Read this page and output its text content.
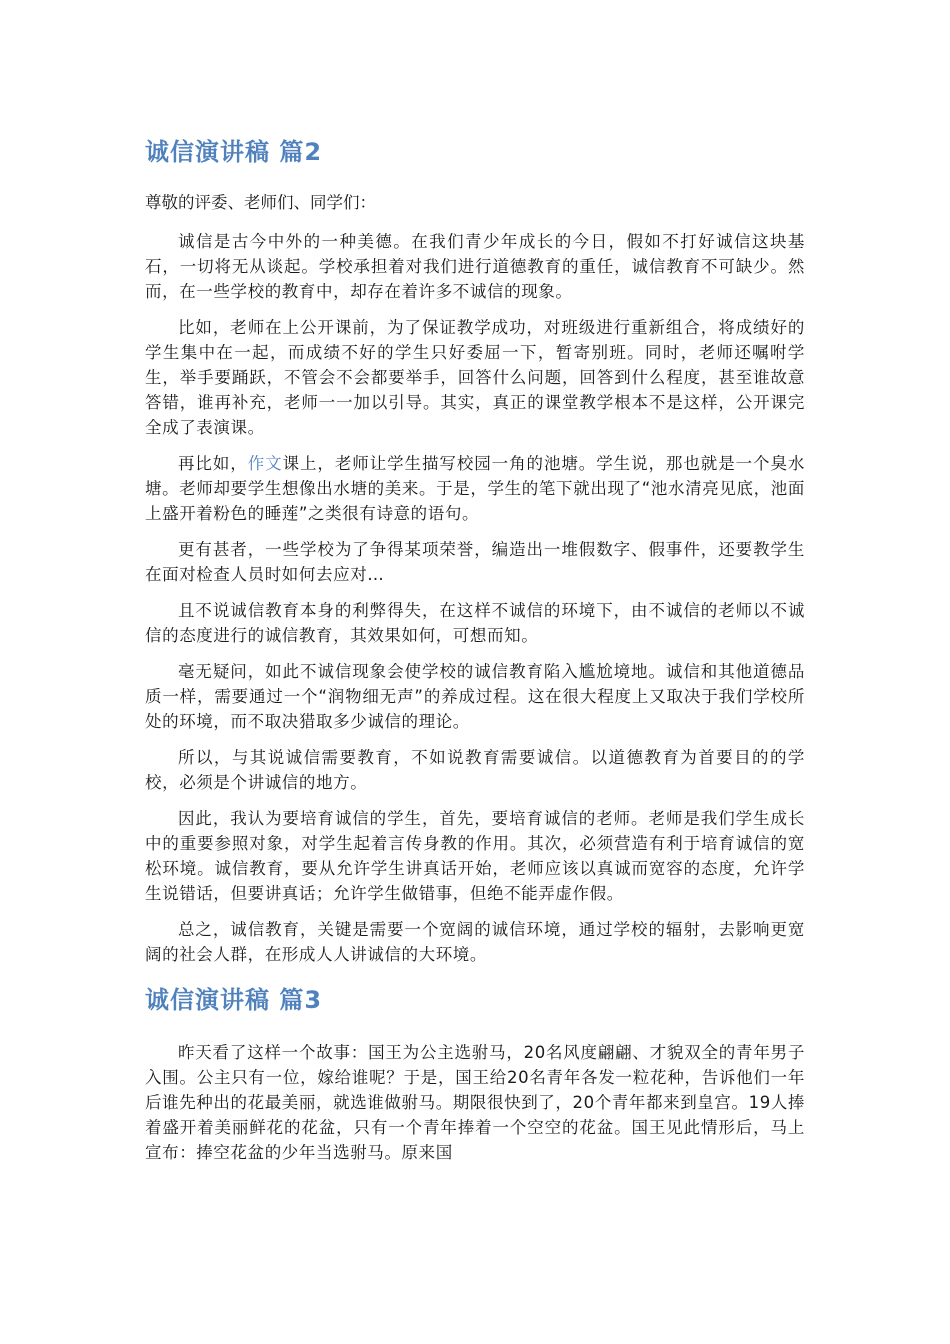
诚信演讲稿 篇2
尊敬的评委、老师们、同学们：

诚信是古今中外的一种美德。在我们青少年成长的今日，假如不打好诚信这块基石，一切将无从谈起。学校承担着对我们进行道德教育的重任，诚信教育不可缺少。然而，在一些学校的教育中，却存在着许多不诚信的现象。

比如，老师在上公开课前，为了保证教学成功，对班级进行重新组合，将成绩好的学生集中在一起，而成绩不好的学生只好委屈一下，暂寄别班。同时，老师还嘱咐学生，举手要踊跃，不管会不会都要举手，回答什么问题，回答到什么程度，甚至谁故意答错，谁再补充，老师一一加以引导。其实，真正的课堂教学根本不是这样，公开课完全成了表演课。

再比如，作文课上，老师让学生描写校园一角的池塘。学生说，那也就是一个臭水塘。老师却要学生想像出水塘的美来。于是，学生的笔下就出现了“池水清亮见底，池面上盛开着粉色的睡莲”之类很有诗意的语句。

更有甚者，一些学校为了争得某项荣誉，编造出一堆假数字、假事件，还要教学生在面对检查人员时如何去应对…

且不说诚信教育本身的利弊得失，在这样不诚信的环境下，由不诚信的老师以不诚信的态度进行的诚信教育，其效果如何，可想而知。

毫无疑问，如此不诚信现象会使学校的诚信教育陷入尴尬境地。诚信和其他道德品质一样，需要通过一个“润物细无声”的养成过程。这在很大程度上又取决于我们学校所处的环境，而不取决猎取多少诚信的理论。

所以，与其说诚信需要教育，不如说教育需要诚信。以道德教育为首要目的的学校，必须是个讲诚信的地方。

因此，我认为要培育诚信的学生，首先，要培育诚信的老师。老师是我们学生成长中的重要参照对象，对学生起着言传身教的作用。其次，必须营造有利于培育诚信的宽松环境。诚信教育，要从允许学生讲真话开始，老师应该以真诚而宽容的态度，允许学生说错话，但要讲真话；允许学生做错事，但绝不能弄虚作假。

总之，诚信教育，关键是需要一个宽阔的诚信环境，通过学校的辐射，去影响更宽阔的社会人群，在形成人人讲诚信的大环境。

诚信演讲稿 篇3

昨天看了这样一个故事：国王为公主选驸马，20名风度翩翩、才貌双全的青年男子入围。公主只有一位，嫁给谁呢？于是，国王给20名青年各发一粒花种，告诉他们一年后谁先种出的花最美丽，就选谁做驸马。期限很快到了，20个青年都来到皇宫。19人捧着盛开着美丽鲜花的花盆，只有一个青年捧着一个空空的花盆。国王见此情形后，马上宣布：捧空花盆的少年当选驸马。原来国
